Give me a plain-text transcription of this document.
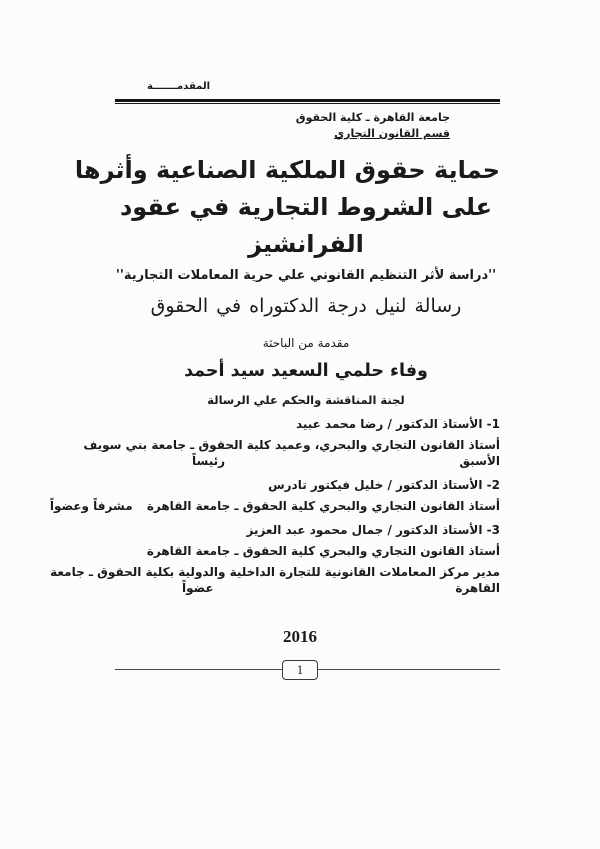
المقدمـــــــة
جامعة القاهرة ـ كلية الحقوق
قسم القانون التجاري
حماية حقوق الملكية الصناعية وأثرها
على الشروط التجارية في عقود
الفرانشيز
''دراسة لأثر التنظيم القانوني علي حرية المعاملات التجارية''
رسالة لنيل درجة الدكتوراه في الحقوق
مقدمة من الباحثة
وفاء حلمي السعيد سيد أحمد
لجنة المناقشة والحكم علي الرسالة
1- الأستاذ الدكتور / رضا محمد عبيد
أستاذ القانون التجاري والبحري، وعميد كلية الحقوق ـ جامعة بني سويف
الأسبق
رئيساً
2- الأستاذ الدكتور / خليل فيكتور تادرس
أستاذ القانون التجاري والبحري كلية الحقوق ـ جامعة القاهرة مشرفاً وعضواً
3- الأستاذ الدكتور / جمال محمود عبد العزيز
أستاذ القانون التجاري والبحري كلية الحقوق ـ جامعة القاهرة
مدير مركز المعاملات القانونية للتجارة الداخلية والدولية بكلية الحقوق ـ جامعة
القاهرة
عضواً
2016
1
